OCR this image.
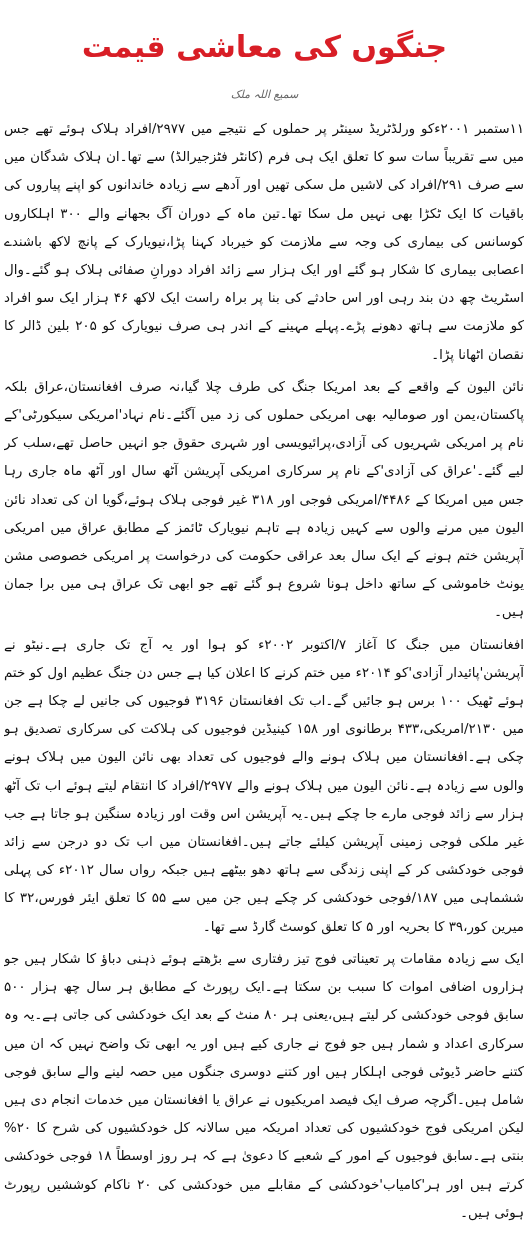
جنگوں کی معاشی قیمت
سمیع اللہ ملک

۱۱ستمبر ۲۰۰۱ءکو ورلڈٹریڈ سینٹر پر حملوں کے نتیجے میں ۲۹۷۷/افراد ہلاک ہوئے تھے جس میں سے تقریباً سات سو کا تعلق ایک ہی فرم (کانٹر فٹزجیرالڈ) سے تھا۔ان ہلاک شدگان میں سے صرف ۲۹۱/افراد کی لاشیں مل سکی تھیں اور آدھے سے زیادہ خاندانوں کو اپنے پیاروں کی باقیات کا ایک ٹکڑا بھی نہیں مل سکا تھا۔تین ماہ کے دوران آگ بجھانے والے ۳۰۰ اہلکاروں کوسانس کی بیماری کی وجہ سے ملازمت کو خیرباد کہنا پڑا،نیویارک کے پانچ لاکھ باشندے اعصابی بیماری کا شکار ہو گئے اور ایک ہزار سے زائد افراد دورانِ صفائی ہلاک ہو گئے۔وال اسٹریٹ چھ دن بند رہی اور اس حادثے کی بنا پر براہ راست ایک لاکھ ۴۶ ہزار ایک سو افراد کو ملازمت سے ہاتھ دھونے پڑے۔پہلے مہینے کے اندر ہی صرف نیویارک کو ۲۰۵ بلین ڈالر کا نقصان اٹھانا پڑا۔

نائن الیون کے واقعے کے بعد امریکا جنگ کی طرف چلا گیا،نہ صرف افغانستان،عراق بلکہ پاکستان،یمن اور صومالیہ بھی امریکی حملوں کی زد میں آگئے۔نام نہاد'امریکی سیکورٹی'کے نام پر امریکی شہریوں کی آزادی،پرائیویسی اور شہری حقوق جو انہیں حاصل تھے،سلب کر لیے گئے۔'عراق کی آزادی'کے نام پر سرکاری امریکی آپریشن آٹھ سال اور آٹھ ماہ جاری رہا جس میں امریکا کے ۴۴۸۶/امریکی فوجی اور ۳۱۸ غیر فوجی ہلاک ہوئے،گویا ان کی تعداد نائن الیون میں مرنے والوں سے کہیں زیادہ ہے تاہم نیویارک ٹائمز کے مطابق عراق میں امریکی آپریشن ختم ہونے کے ایک سال بعد عراقی حکومت کی درخواست پر امریکی خصوصی مشن یونٹ خاموشی کے ساتھ داخل ہونا شروع ہو گئے تھے جو ابھی تک عراق ہی میں برا جمان ہیں۔

افغانستان میں جنگ کا آغاز ۷/اکتوبر ۲۰۰۲ء کو ہوا اور یہ آج تک جاری ہے۔نیٹو نے آپریشن'پائیدار آزادی'کو ۲۰۱۴ء میں ختم کرنے کا اعلان کیا ہے جس دن جنگ عظیم اول کو ختم ہوئے ٹھیک ۱۰۰ برس ہو جائیں گے۔اب تک افغانستان ۳۱۹۶ فوجیوں کی جانیں لے چکا ہے جن میں ۲۱۳۰/امریکی،۴۳۳ برطانوی اور ۱۵۸ کینیڈین فوجیوں کی ہلاکت کی سرکاری تصدیق ہو چکی ہے۔افغانستان میں ہلاک ہونے والے فوجیوں کی تعداد بھی نائن الیون میں ہلاک ہونے والوں سے زیادہ ہے۔نائن الیون میں ہلاک ہونے والے ۲۹۷۷/افراد کا انتقام لیتے ہوئے اب تک آٹھ ہزار سے زائد فوجی مارے جا چکے ہیں۔یہ آپریشن اس وقت اور زیادہ سنگین ہو جاتا ہے جب غیر ملکی فوجی زمینی آپریشن کیلئے جاتے ہیں۔افغانستان میں اب تک دو درجن سے زائد فوجی خودکشی کر کے اپنی زندگی سے ہاتھ دھو بیٹھے ہیں جبکہ رواں سال ۲۰۱۲ء کی پہلی ششماہی میں ۱۸۷/فوجی خودکشی کر چکے ہیں جن میں سے ۵۵ کا تعلق ایئر فورس،۳۲ کا میرین کور،۳۹ کا بحریہ اور ۵ کا تعلق کوسٹ گارڈ سے تھا۔

ایک سے زیادہ مقامات پر تعیناتی فوج تیز رفتاری سے بڑھتے ہوئے ذہنی دباؤ کا شکار ہیں جو ہزاروں اضافی اموات کا سبب بن سکتا ہے۔ایک رپورٹ کے مطابق ہر سال چھ ہزار ۵۰۰ سابق فوجی خودکشی کر لیتے ہیں،یعنی ہر ۸۰ منٹ کے بعد ایک خودکشی کی جاتی ہے۔یہ وہ سرکاری اعداد و شمار ہیں جو فوج نے جاری کیے ہیں اور یہ ابھی تک واضح نہیں کہ ان میں کتنے حاضر ڈیوٹی فوجی اہلکار ہیں اور کتنے دوسری جنگوں میں حصہ لینے والے سابق فوجی شامل ہیں۔اگرچہ صرف ایک فیصد امریکیوں نے عراق یا افغانستان میں خدمات انجام دی ہیں لیکن امریکی فوج خودکشیوں کی تعداد امریکہ میں سالانہ کل خودکشیوں کی شرح کا ۲۰% بنتی ہے۔سابق فوجیوں کے امور کے شعبے کا دعویٰ ہے کہ ہر روز اوسطاً ۱۸ فوجی خودکشی کرتے ہیں اور ہر'کامیاب'خودکشی کے مقابلے میں خودکشی کی ۲۰ ناکام کوششیں رپورٹ ہوئی ہیں۔
